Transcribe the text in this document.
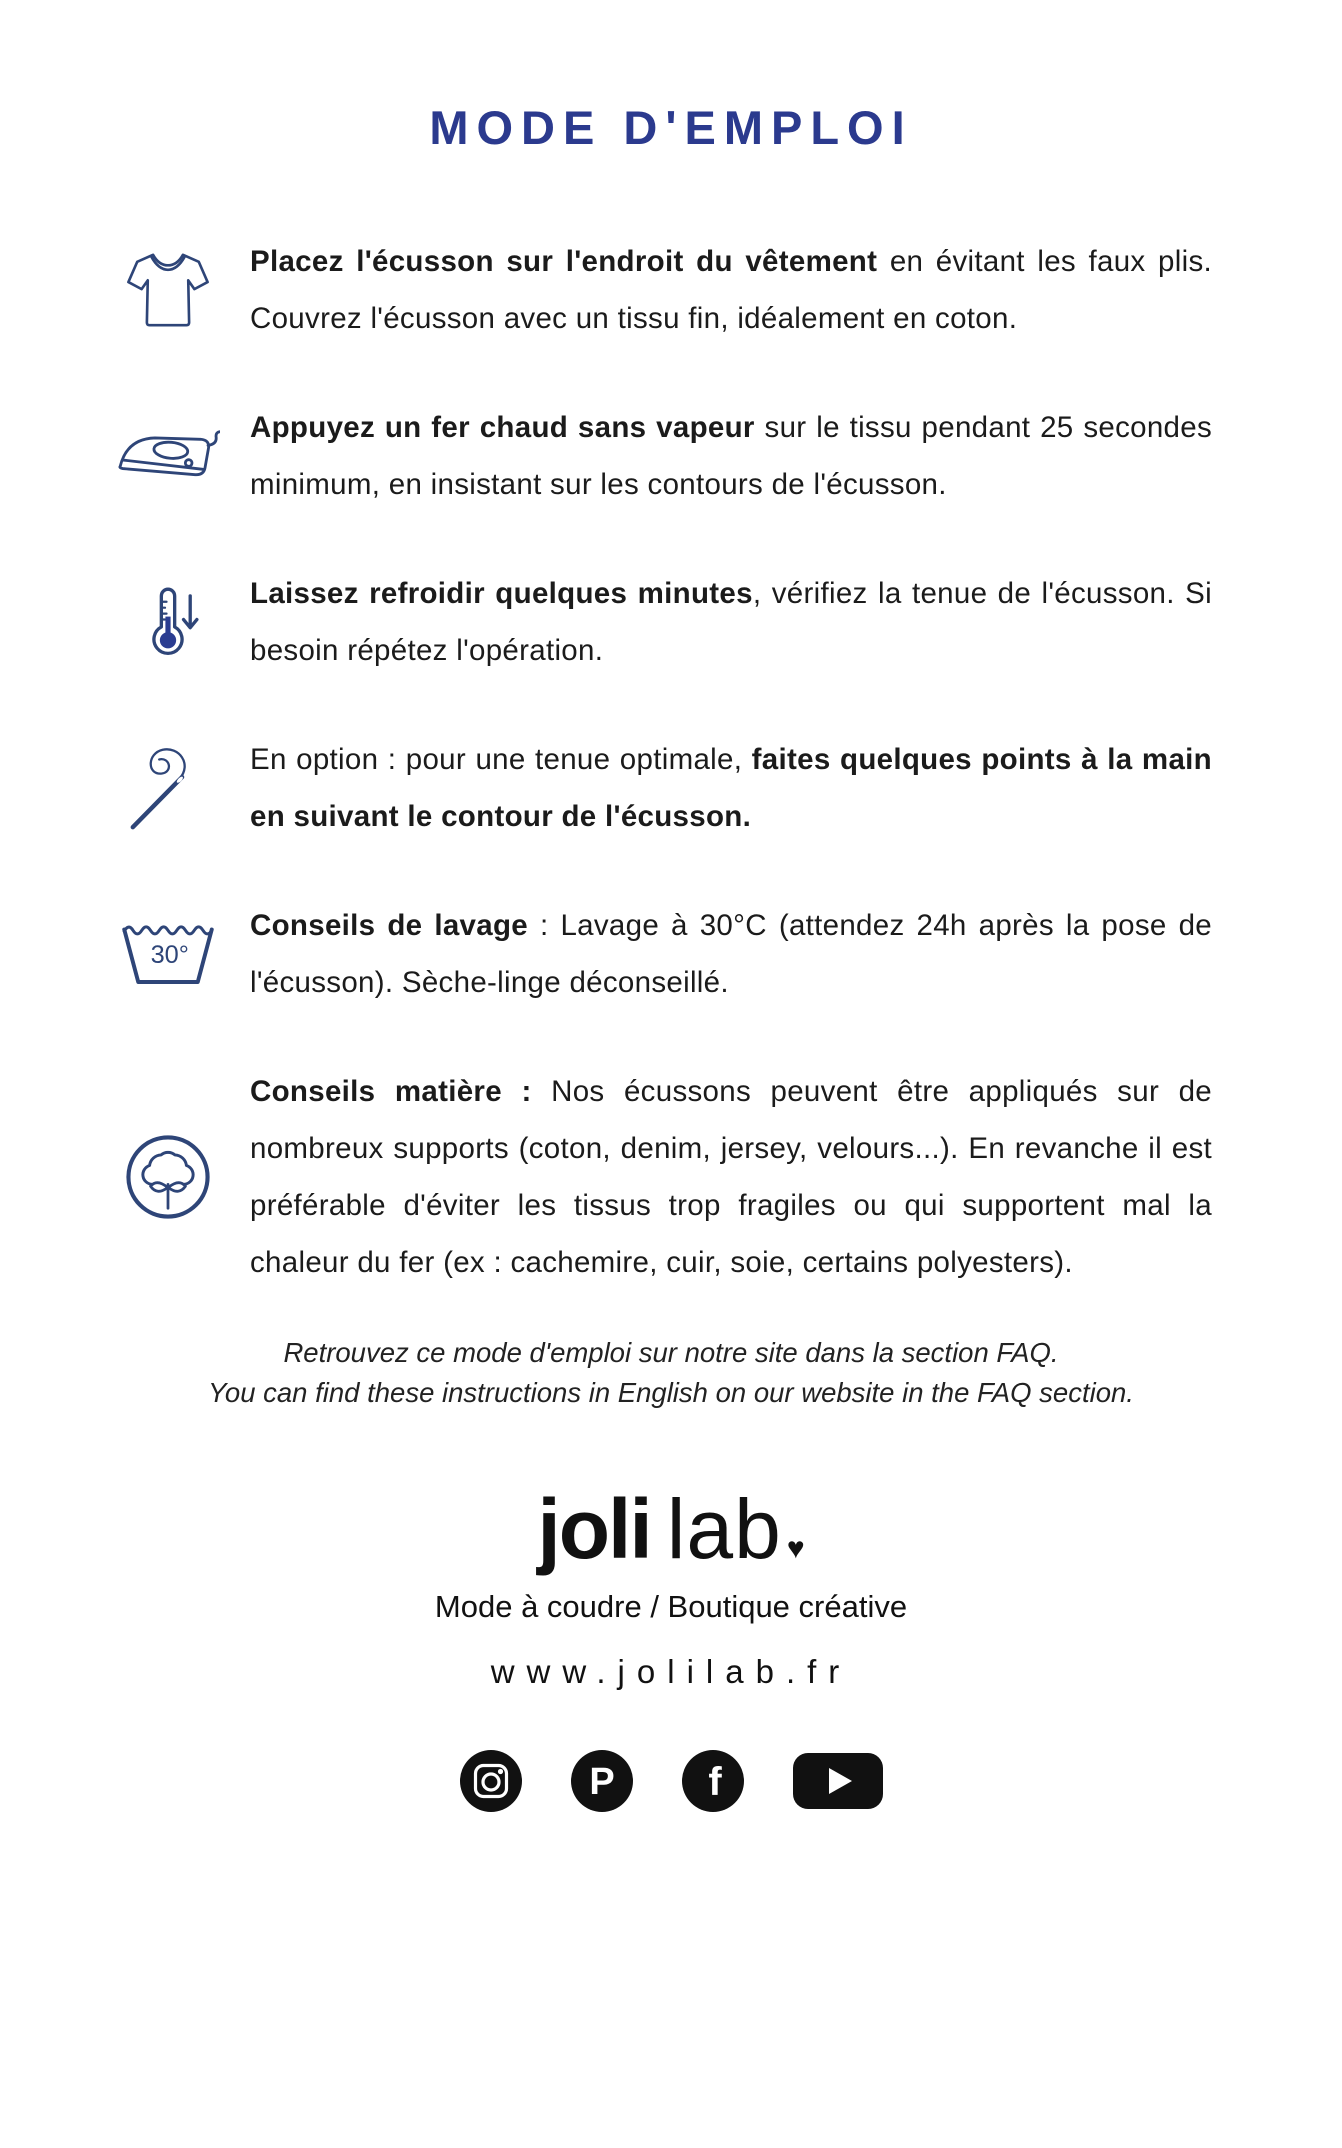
MODE D'EMPLOI

Placez l'écusson sur l'endroit du vêtement en évitant les faux plis. Couvrez l'écusson avec un tissu fin, idéalement en coton.

Appuyez un fer chaud sans vapeur sur le tissu pendant 25 secondes minimum, en insistant sur les contours de l'écusson.

Laissez refroidir quelques minutes, vérifiez la tenue de l'écusson. Si besoin répétez l'opération.

En option : pour une tenue optimale, faites quelques points à la main en suivant le contour de l'écusson.

30°

Conseils de lavage : Lavage à 30°C (attendez 24h après la pose de l'écusson). Sèche-linge déconseillé.

Conseils matière : Nos écussons peuvent être appliqués sur de nombreux supports (coton, denim, jersey, velours...). En revanche il est préférable d'éviter les tissus trop fragiles ou qui supportent mal la chaleur du fer (ex : cachemire, cuir, soie, certains polyesters).

Retrouvez ce mode d'emploi sur notre site dans la section FAQ.

You can find these instructions in English on our website in the FAQ section.

joli lab ♥

Mode à coudre / Boutique créative

www.jolilab.fr

P f
